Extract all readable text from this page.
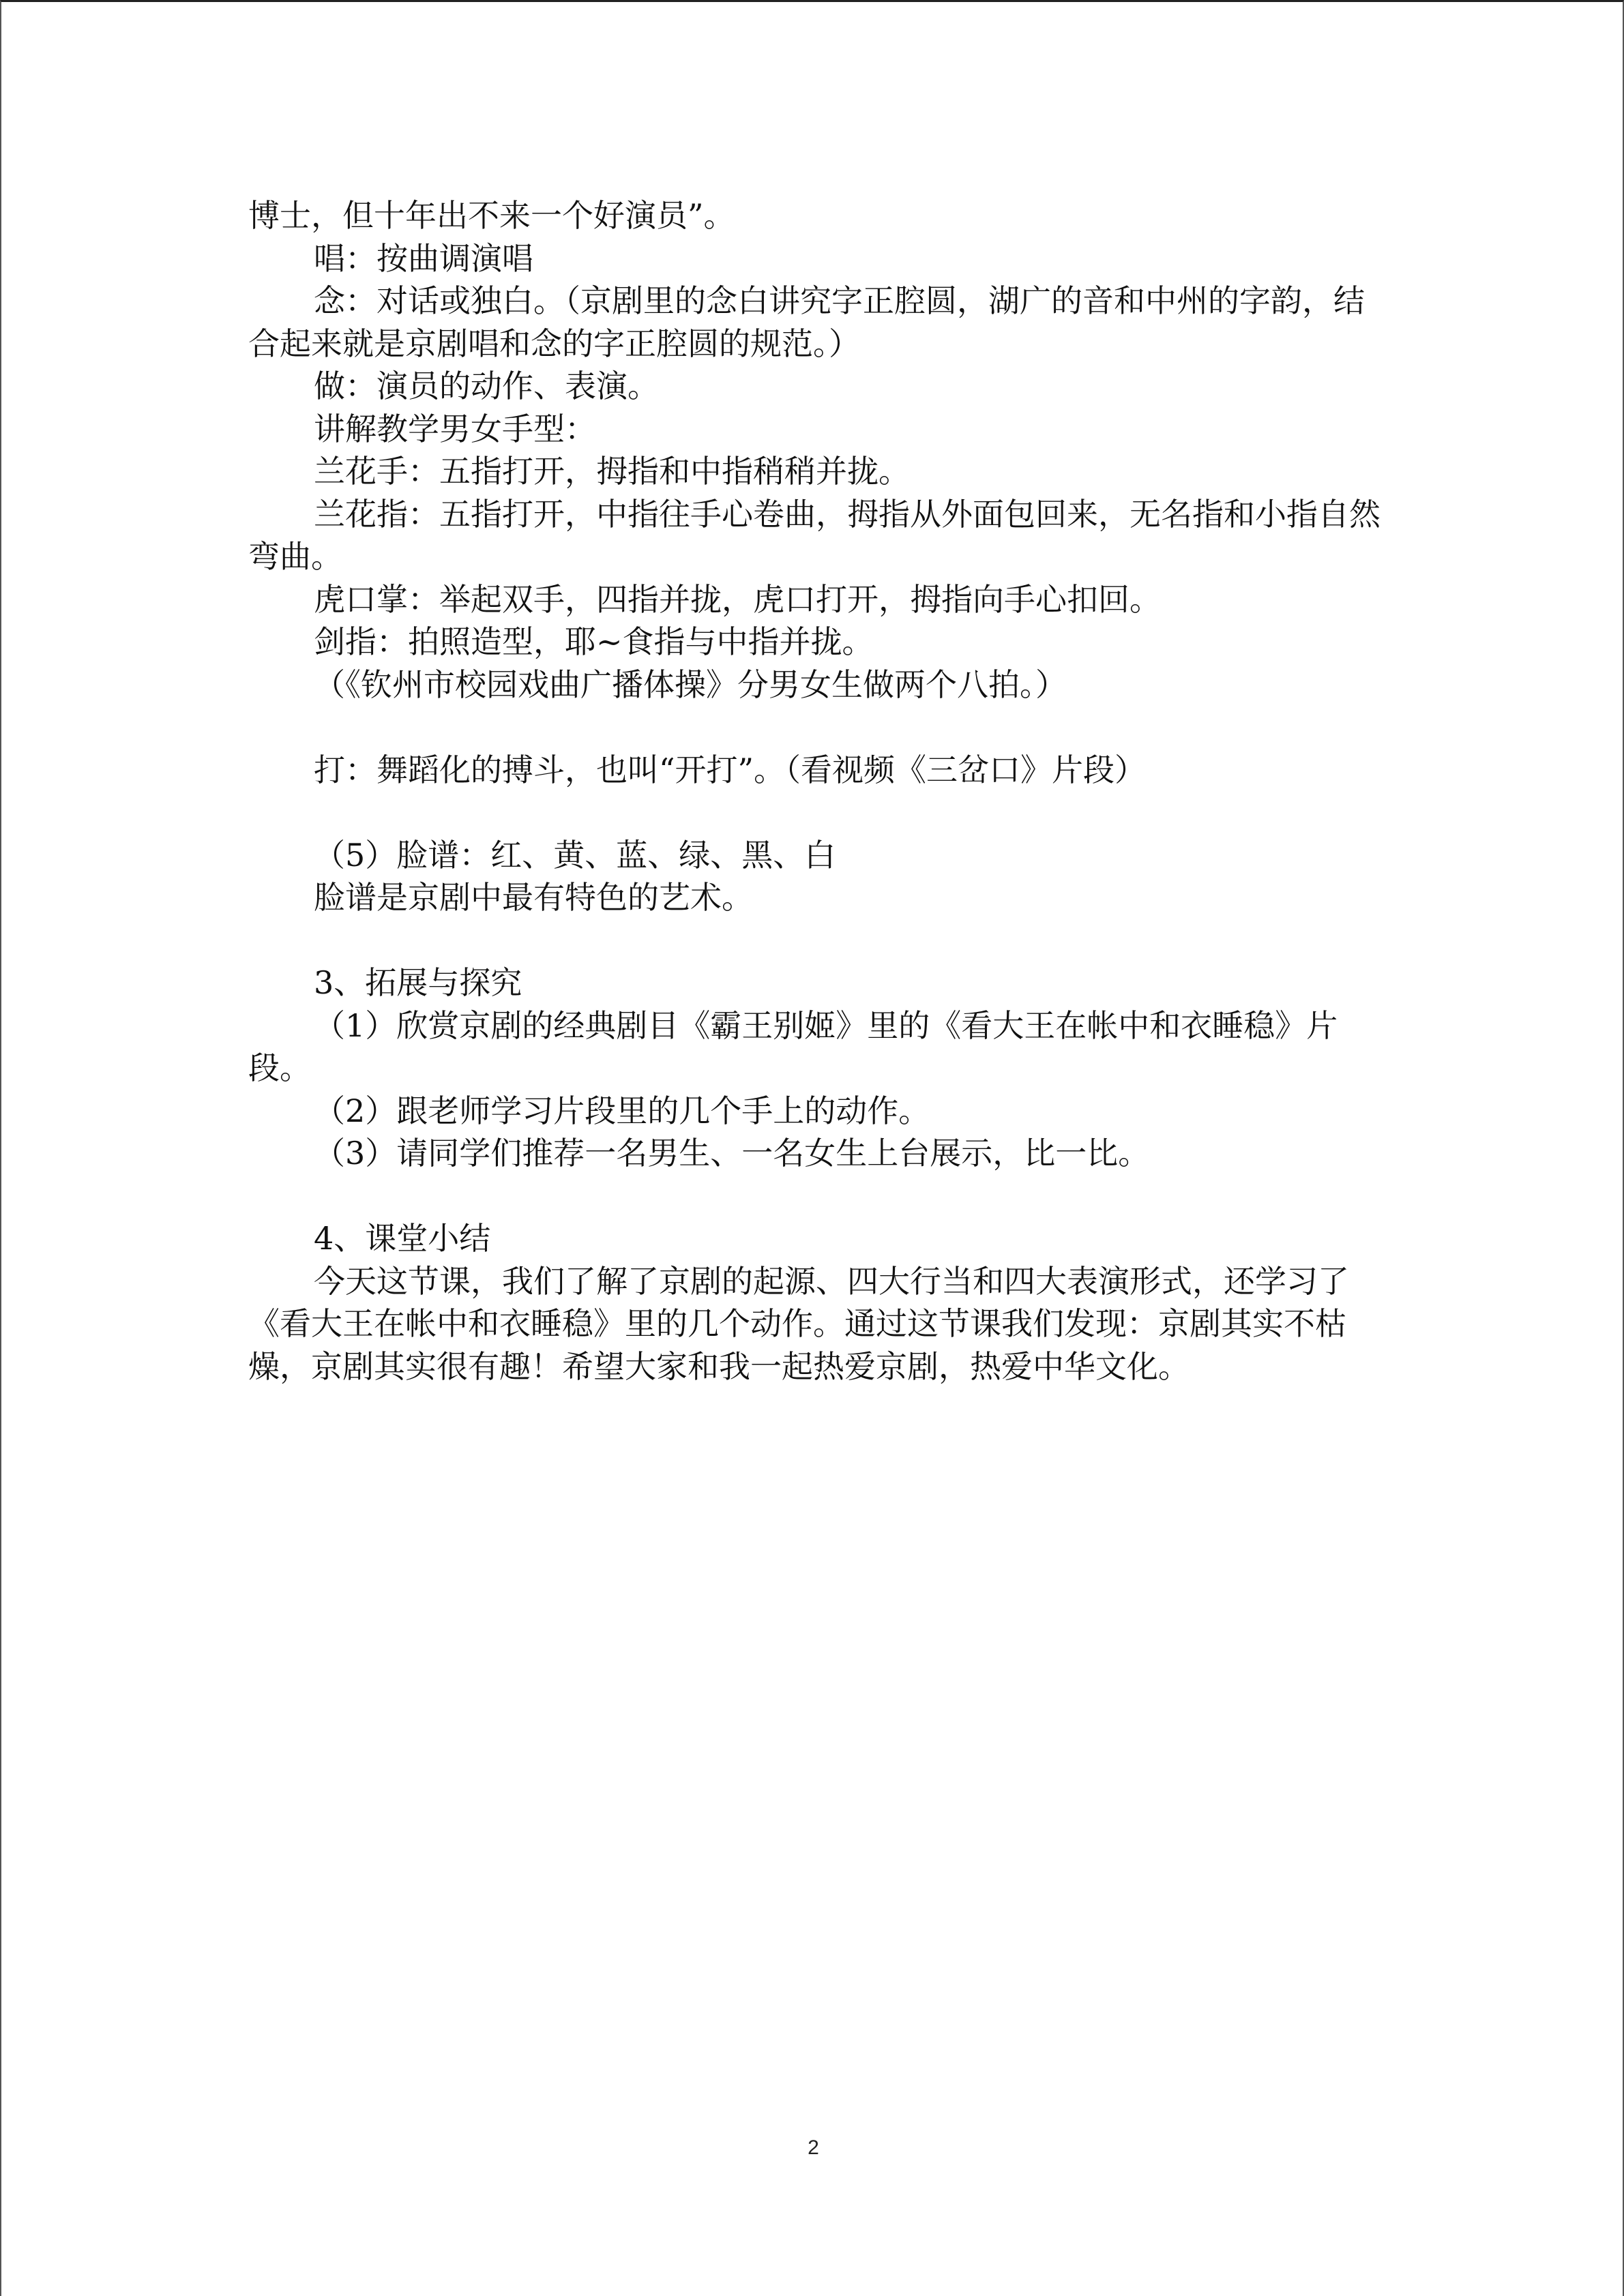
博士，但十年出不来一个好演员”。

唱：按曲调演唱

念：对话或独白。（京剧里的念白讲究字正腔圆，湖广的音和中州的字韵，结合起来就是京剧唱和念的字正腔圆的规范。）

做：演员的动作、表演。

讲解教学男女手型：

兰花手：五指打开，拇指和中指稍稍并拢。

兰花指：五指打开，中指往手心卷曲，拇指从外面包回来，无名指和小指自然弯曲。

虎口掌：举起双手，四指并拢，虎口打开，拇指向手心扣回。

剑指：拍照造型，耶~食指与中指并拢。

（《钦州市校园戏曲广播体操》分男女生做两个八拍。）

打：舞蹈化的搏斗，也叫“开打”。（看视频《三岔口》片段）

（5）脸谱：红、黄、蓝、绿、黑、白

脸谱是京剧中最有特色的艺术。

3、拓展与探究

（1）欣赏京剧的经典剧目《霸王别姬》里的《看大王在帐中和衣睡稳》片段。

（2）跟老师学习片段里的几个手上的动作。

（3）请同学们推荐一名男生、一名女生上台展示，比一比。

4、课堂小结

今天这节课，我们了解了京剧的起源、四大行当和四大表演形式，还学习了《看大王在帐中和衣睡稳》里的几个动作。通过这节课我们发现：京剧其实不枯燥，京剧其实很有趣！希望大家和我一起热爱京剧，热爱中华文化。

2
